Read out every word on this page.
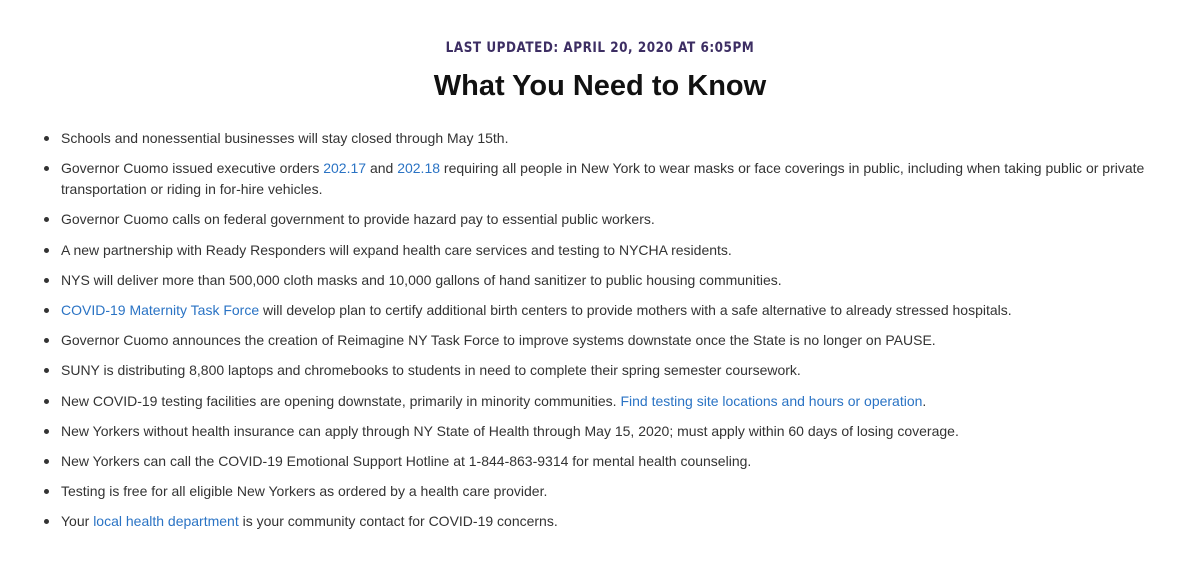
LAST UPDATED: APRIL 20, 2020 AT 6:05PM
What You Need to Know
Schools and nonessential businesses will stay closed through May 15th.
Governor Cuomo issued executive orders 202.17 and 202.18 requiring all people in New York to wear masks or face coverings in public, including when taking public or private transportation or riding in for-hire vehicles.
Governor Cuomo calls on federal government to provide hazard pay to essential public workers.
A new partnership with Ready Responders will expand health care services and testing to NYCHA residents.
NYS will deliver more than 500,000 cloth masks and 10,000 gallons of hand sanitizer to public housing communities.
COVID-19 Maternity Task Force will develop plan to certify additional birth centers to provide mothers with a safe alternative to already stressed hospitals.
Governor Cuomo announces the creation of Reimagine NY Task Force to improve systems downstate once the State is no longer on PAUSE.
SUNY is distributing 8,800 laptops and chromebooks to students in need to complete their spring semester coursework.
New COVID-19 testing facilities are opening downstate, primarily in minority communities. Find testing site locations and hours or operation.
New Yorkers without health insurance can apply through NY State of Health through May 15, 2020; must apply within 60 days of losing coverage.
New Yorkers can call the COVID-19 Emotional Support Hotline at 1-844-863-9314 for mental health counseling.
Testing is free for all eligible New Yorkers as ordered by a health care provider.
Your local health department is your community contact for COVID-19 concerns.
